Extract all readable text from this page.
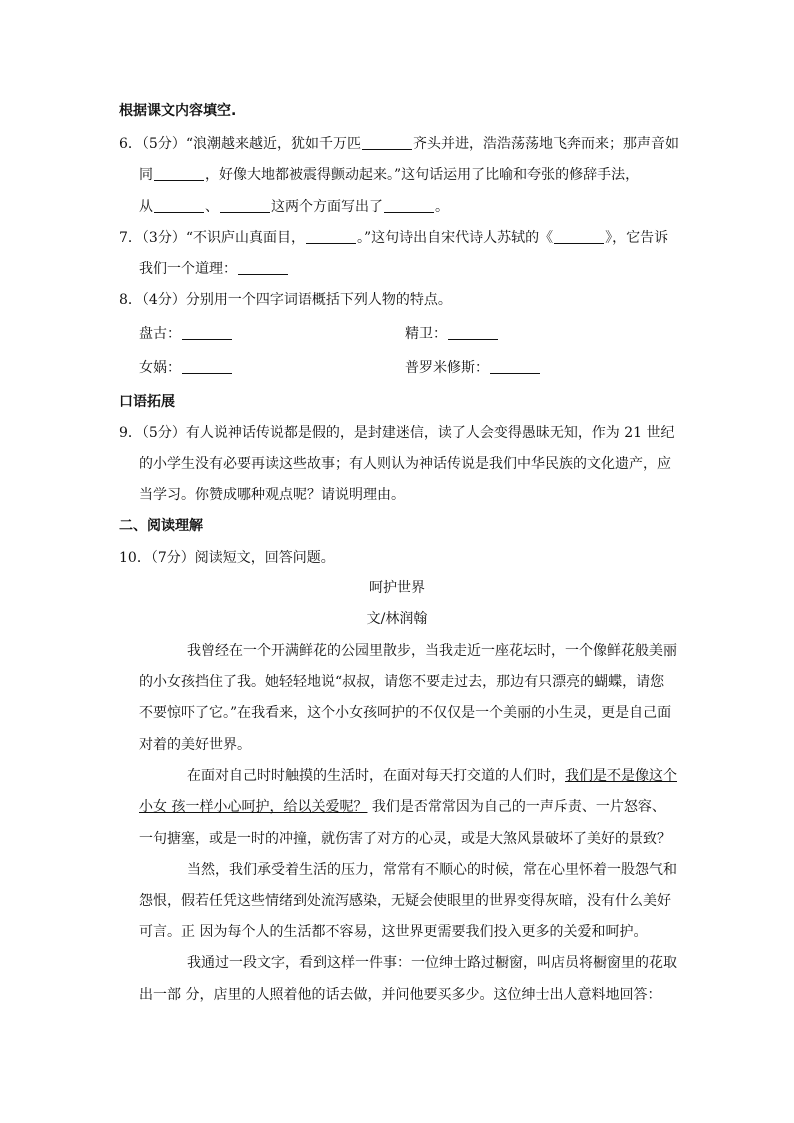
根据课文内容填空.
6．（5分）“浪潮越来越近，犹如千万匹	齐头并进，浩浩荡荡地飞奔而来；那声音如
同	，好像大地都被震得颤动起来。”这句话运用了比喻和夸张的修辞手法，
从	、	这两个方面写出了	。
7．（3分）“不识庐山真面目，	。”这句诗出自宋代诗人苏轼的《	》，它告诉
我们一个道理：
8．（4分）分别用一个四字词语概括下列人物的特点。
盘古：	精卫：
女娲：	普罗米修斯：
口语拓展
9．（5分）有人说神话传说都是假的，是封建迷信，读了人会变得愚昧无知，作为 21 世纪
的小学生没有必要再读这些故事；有人则认为神话传说是我们中华民族的文化遗产，应
当学习。你赞成哪种观点呢？请说明理由。
二、阅读理解
10．（7分）阅读短文，回答问题。
呵护世界
文/林润翰
我曾经在一个开满鲜花的公园里散步，当我走近一座花坛时，一个像鲜花般美丽
的小女孩挡住了我。她轻轻地说“叔叔，请您不要走过去，那边有只漂亮的蝴蝶，请您
不要惊吓了它。”在我看来，这个小女孩呵护的不仅仅是一个美丽的小生灵，更是自己面
对着的美好世界。
在面对自己时时触摸的生活时，在面对每天打交道的人们时，我们是不是像这个
小女 孩一样小心呵护，给以关爱呢？ 我们是否常常因为自己的一声斥责、一片怒容、
一句搪塞，或是一时的冲撞，就伤害了对方的心灵，或是大煞风景破坏了美好的景致？
当然，我们承受着生活的压力，常常有不顺心的时候，常在心里怀着一股怨气和
怨恨，假若任凭这些情绪到处流泻感染，无疑会使眼里的世界变得灰暗，没有什么美好
可言。正 因为每个人的生活都不容易，这世界更需要我们投入更多的关爱和呵护。
我通过一段文字，看到这样一件事：一位绅士路过橱窗，叫店员将橱窗里的花取
出一部 分，店里的人照着他的话去做，并问他要买多少。这位绅士出人意料地回答：
